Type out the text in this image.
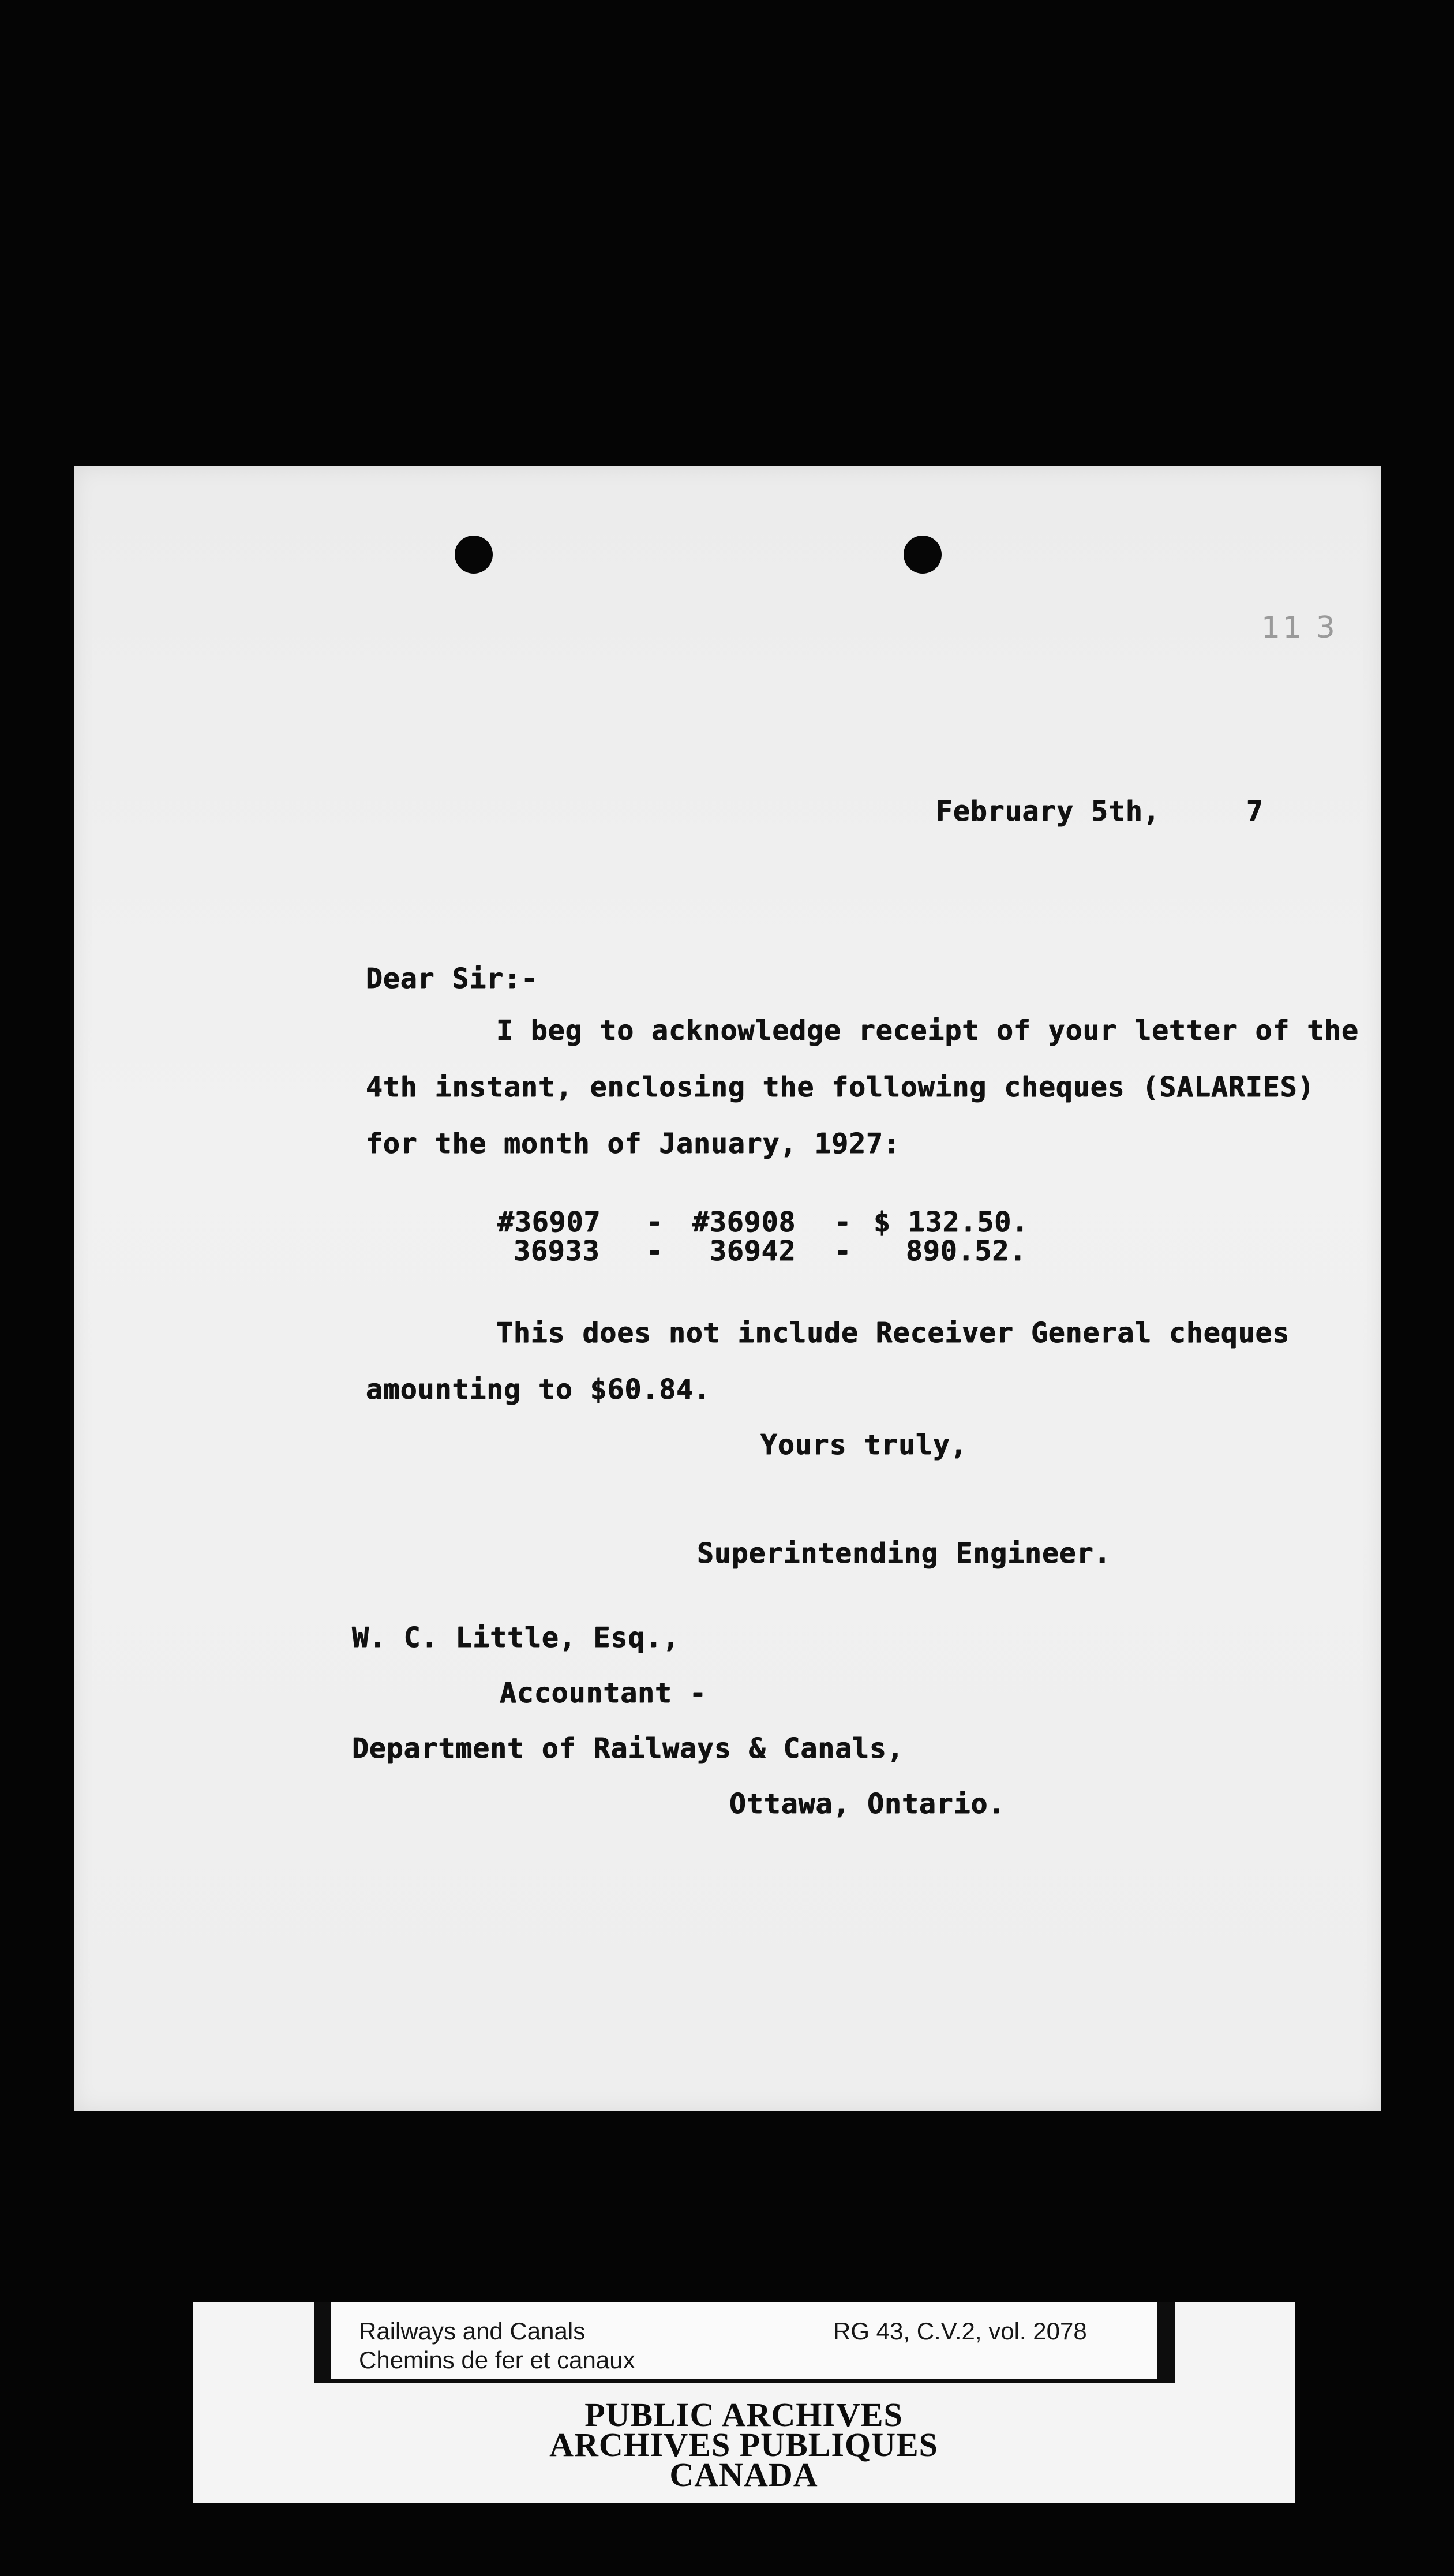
11 3
February 5th,	7
Dear Sir:-
I beg to acknowledge receipt of your letter of the
4th instant, enclosing the following cheques (SALARIES)
for the month of January, 1927:
#36907 - #36908 - $ 132.50.
36933 - 36942 - 890.52.
This does not include Receiver General cheques
amounting to $60.84.
Yours truly,
Superintending Engineer.
W. C. Little, Esq.,
Accountant -
Department of Railways & Canals,
Ottawa, Ontario.
Railways and Canals
Chemins de fer et canaux
RG 43, C.V.2, vol. 2078
PUBLIC ARCHIVES
ARCHIVES PUBLIQUES
CANADA
